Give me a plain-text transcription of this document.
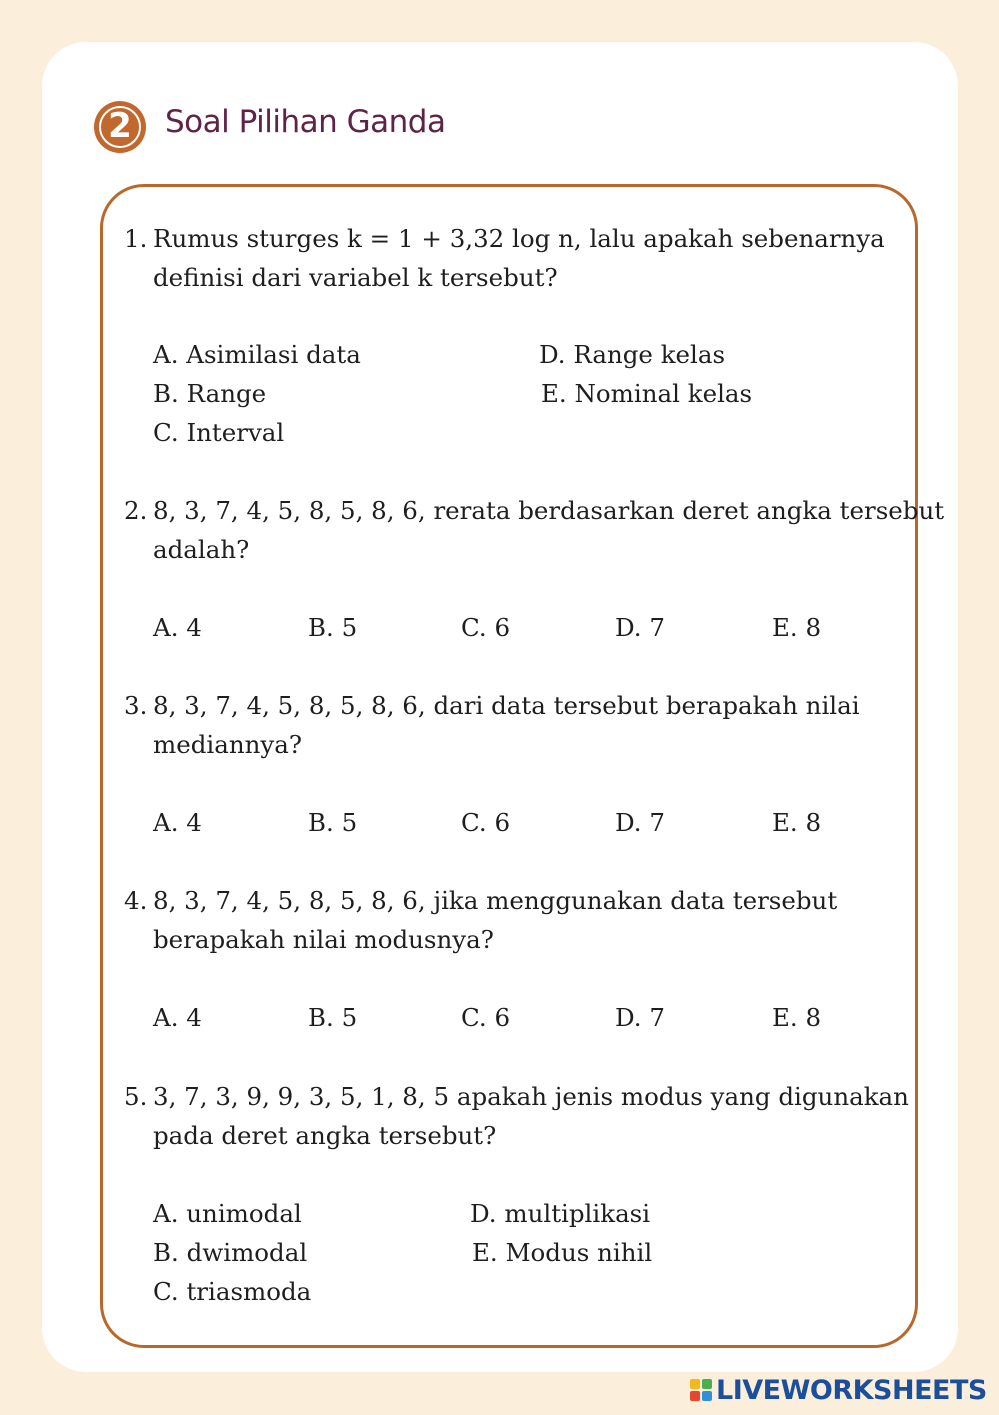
2	Soal Pilihan Ganda
1. Rumus sturges k = 1 + 3,32 log n, lalu apakah sebenarnya
definisi dari variabel k tersebut?
A. Asimilasi data
B. Range
C. Interval
D. Range kelas
E. Nominal kelas
2. 8, 3, 7, 4, 5, 8, 5, 8, 6, rerata berdasarkan deret angka tersebut
adalah?
A. 4	B. 5	C. 6	D. 7	E. 8
3. 8, 3, 7, 4, 5, 8, 5, 8, 6, dari data tersebut berapakah nilai
mediannya?
A. 4	B. 5	C. 6	D. 7	E. 8
4. 8, 3, 7, 4, 5, 8, 5, 8, 6, jika menggunakan data tersebut
berapakah nilai modusnya?
A. 4	B. 5	C. 6	D. 7	E. 8
5. 3, 7, 3, 9, 9, 3, 5, 1, 8, 5 apakah jenis modus yang digunakan
pada deret angka tersebut?
A. unimodal
B. dwimodal
C. triasmoda
D. multiplikasi
E. Modus nihil
LIVEWORKSHEETS
